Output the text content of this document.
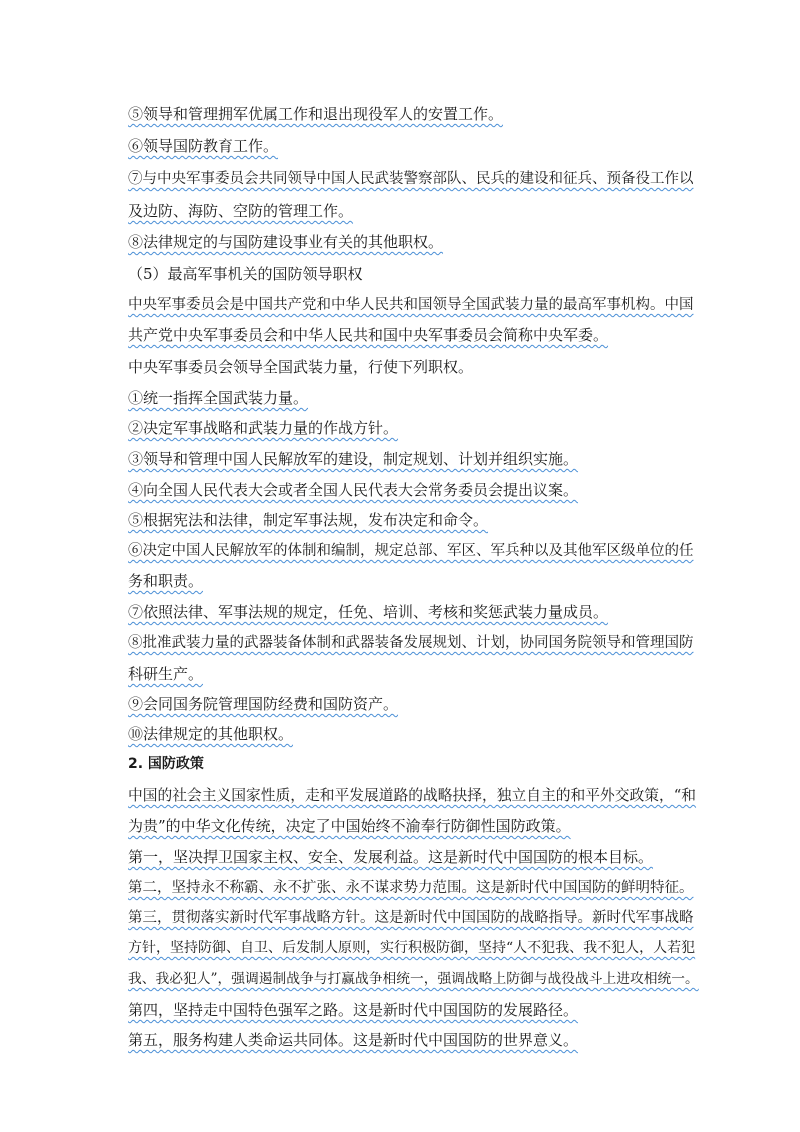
⑤领导和管理拥军优属工作和退出现役军人的安置工作。
⑥领导国防教育工作。
⑦与中央军事委员会共同领导中国人民武装警察部队、民兵的建设和征兵、预备役工作以
及边防、海防、空防的管理工作。
⑧法律规定的与国防建设事业有关的其他职权。
（5）最高军事机关的国防领导职权
中央军事委员会是中国共产党和中华人民共和国领导全国武装力量的最高军事机构。中国
共产党中央军事委员会和中华人民共和国中央军事委员会简称中央军委。
中央军事委员会领导全国武装力量，行使下列职权。
①统一指挥全国武装力量。
②决定军事战略和武装力量的作战方针。
③领导和管理中国人民解放军的建设，制定规划、计划并组织实施。
④向全国人民代表大会或者全国人民代表大会常务委员会提出议案。
⑤根据宪法和法律，制定军事法规，发布决定和命令。
⑥决定中国人民解放军的体制和编制，规定总部、军区、军兵种以及其他军区级单位的任
务和职责。
⑦依照法律、军事法规的规定，任免、培训、考核和奖惩武装力量成员。
⑧批准武装力量的武器装备体制和武器装备发展规划、计划，协同国务院领导和管理国防
科研生产。
⑨会同国务院管理国防经费和国防资产。
⑩法律规定的其他职权。
2. 国防政策
中国的社会主义国家性质，走和平发展道路的战略抉择，独立自主的和平外交政策，“和
为贵”的中华文化传统，决定了中国始终不渝奉行防御性国防政策。
第一，坚决捍卫国家主权、安全、发展利益。这是新时代中国国防的根本目标。
第二，坚持永不称霸、永不扩张、永不谋求势力范围。这是新时代中国国防的鲜明特征。
第三，贯彻落实新时代军事战略方针。这是新时代中国国防的战略指导。新时代军事战略
方针，坚持防御、自卫、后发制人原则，实行积极防御，坚持“人不犯我、我不犯人，人若犯
我、我必犯人”，强调遏制战争与打赢战争相统一，强调战略上防御与战役战斗上进攻相统一。
第四，坚持走中国特色强军之路。这是新时代中国国防的发展路径。
第五，服务构建人类命运共同体。这是新时代中国国防的世界意义。
